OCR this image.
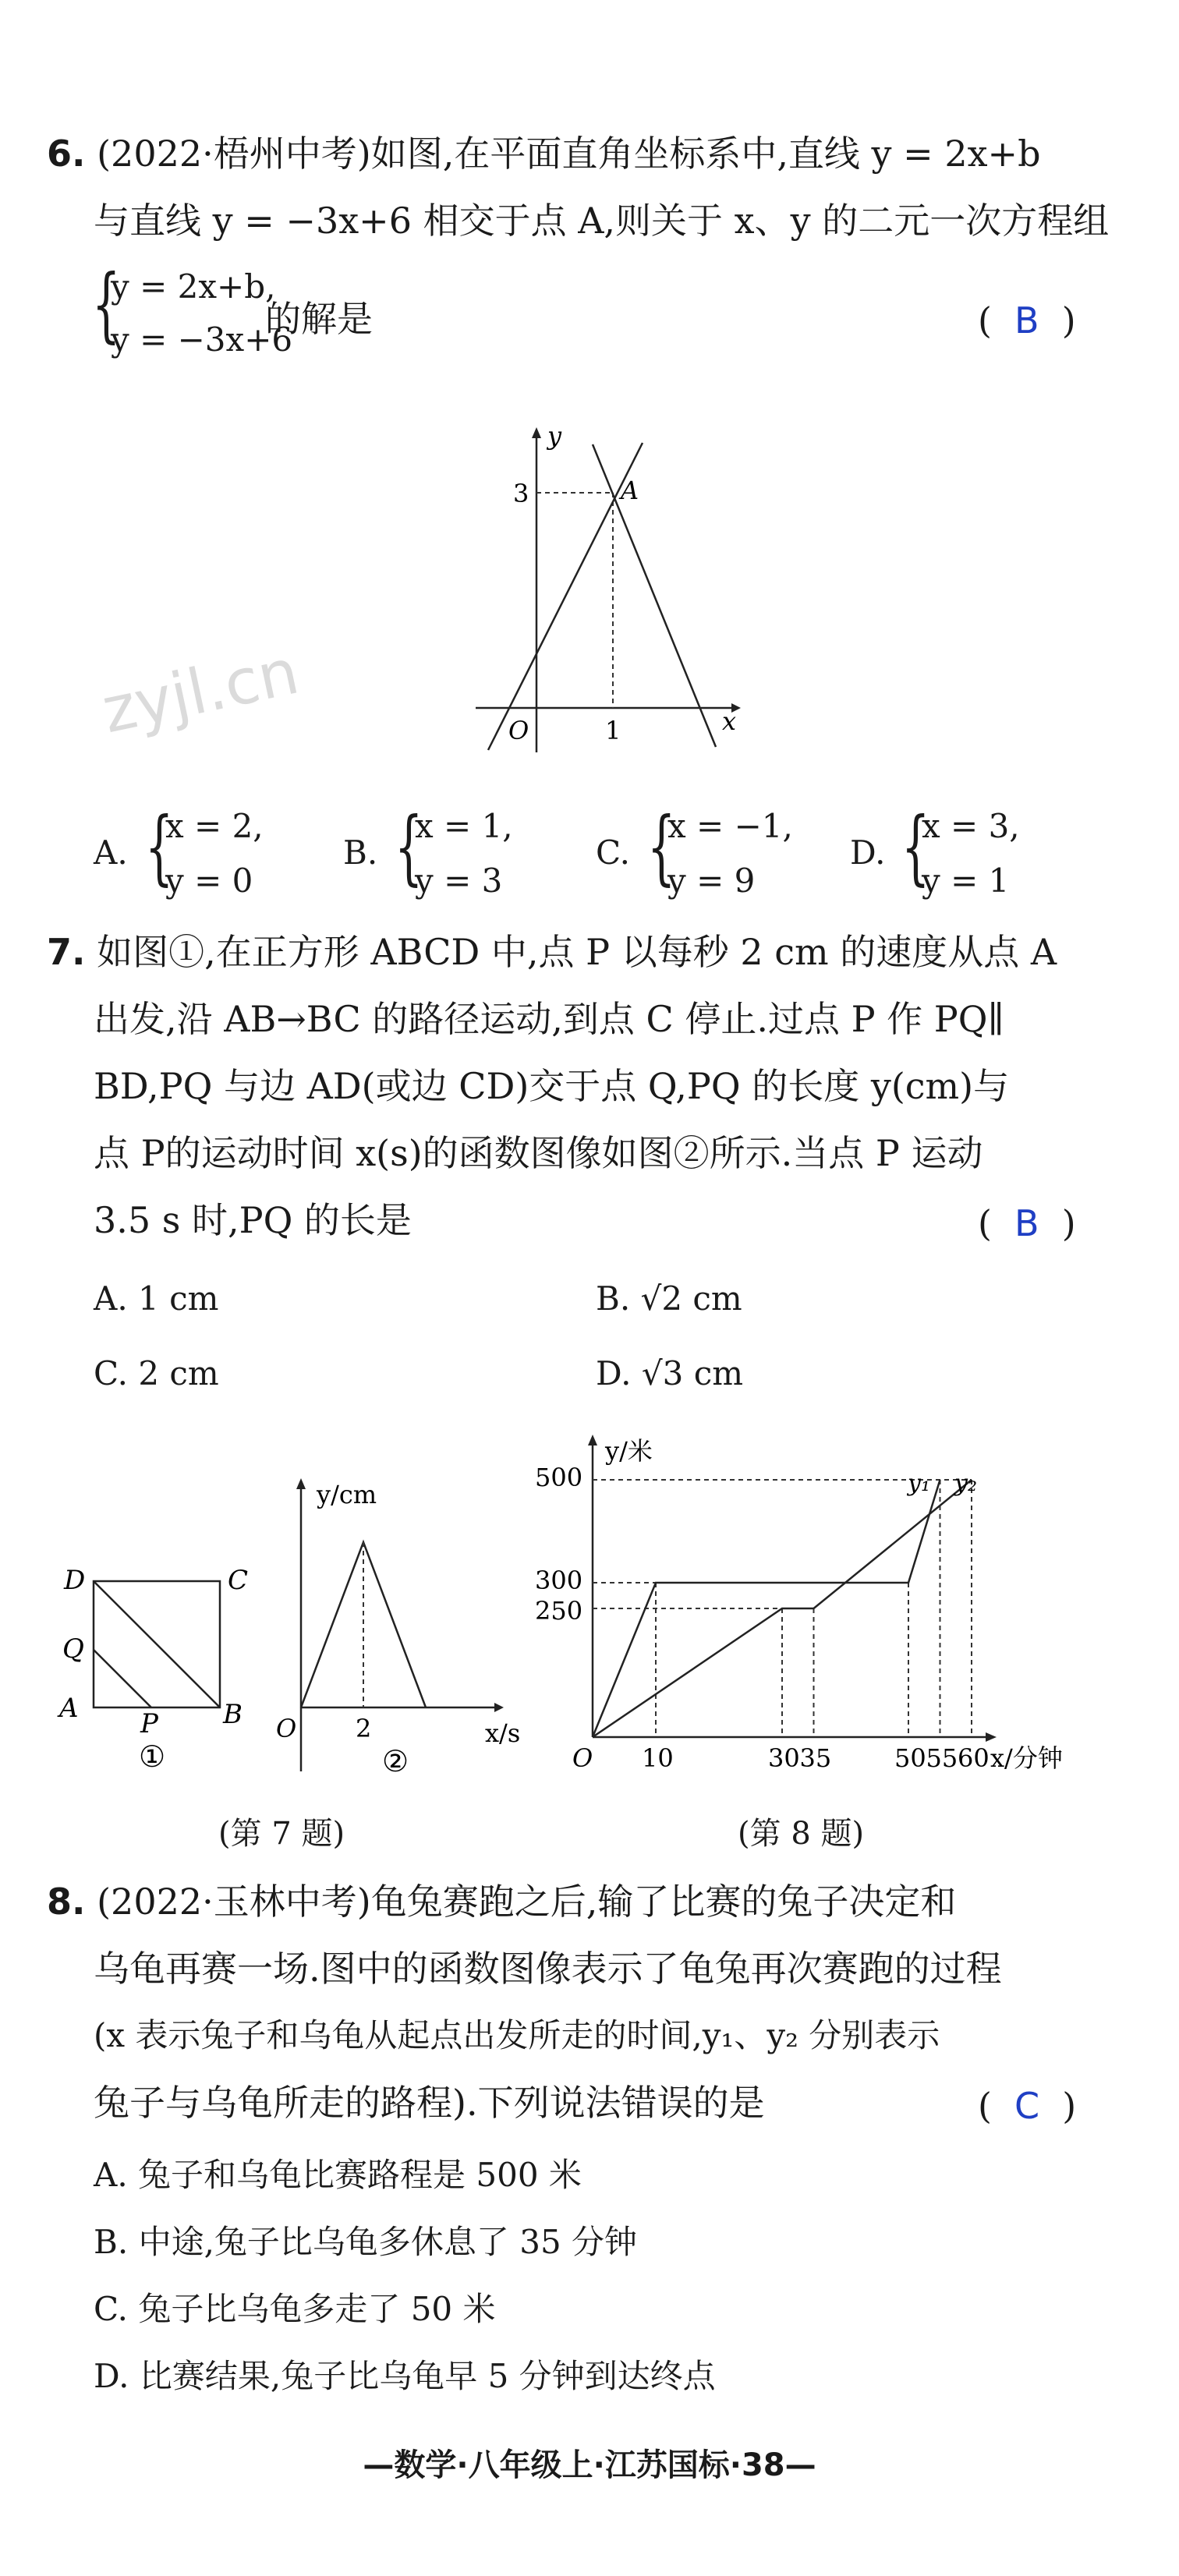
6. (2022·梧州中考)如图,在平面直角坐标系中,直线 y = 2x+b
与直线 y = −3x+6 相交于点 A,则关于 x、y 的二元一次方程组
{
y = 2x+b,
y = −3x+6
的解是	( B )
y
x
O
3
1
A
zyjl.cn
A. {
x = 2,
y = 0
B. {
x = 1,
y = 3
C. {
x = −1,
y = 9
D. {
x = 3,
y = 1
7. 如图①,在正方形 ABCD 中,点 P 以每秒 2 cm 的速度从点 A
出发,沿 AB→BC 的路径运动,到点 C 停止.过点 P 作 PQ∥
BD,PQ 与边 AD(或边 CD)交于点 Q,PQ 的长度 y(cm)与
点 P的运动时间 x(s)的函数图像如图②所示.当点 P 运动
3.5 s 时,PQ 的长是	( B )
A. 1 cm	B. √2 cm
C. 2 cm	D. √3 cm
D	C
Q
A P B
①
y/cm
x/s
O 2
②
500
300
250
10	30 35	50 55 60
y/米
x/分钟
O
y₁ y₂
(第 7 题)	(第 8 题)
8. (2022·玉林中考)龟兔赛跑之后,输了比赛的兔子决定和
乌龟再赛一场.图中的函数图像表示了龟兔再次赛跑的过程
(x 表示兔子和乌龟从起点出发所走的时间,y₁、y₂ 分别表示
兔子与乌龟所走的路程).下列说法错误的是	( C )
A. 兔子和乌龟比赛路程是 500 米
B. 中途,兔子比乌龟多休息了 35 分钟
C. 兔子比乌龟多走了 50 米
D. 比赛结果,兔子比乌龟早 5 分钟到达终点
—数学·八年级上·江苏国标·38—
